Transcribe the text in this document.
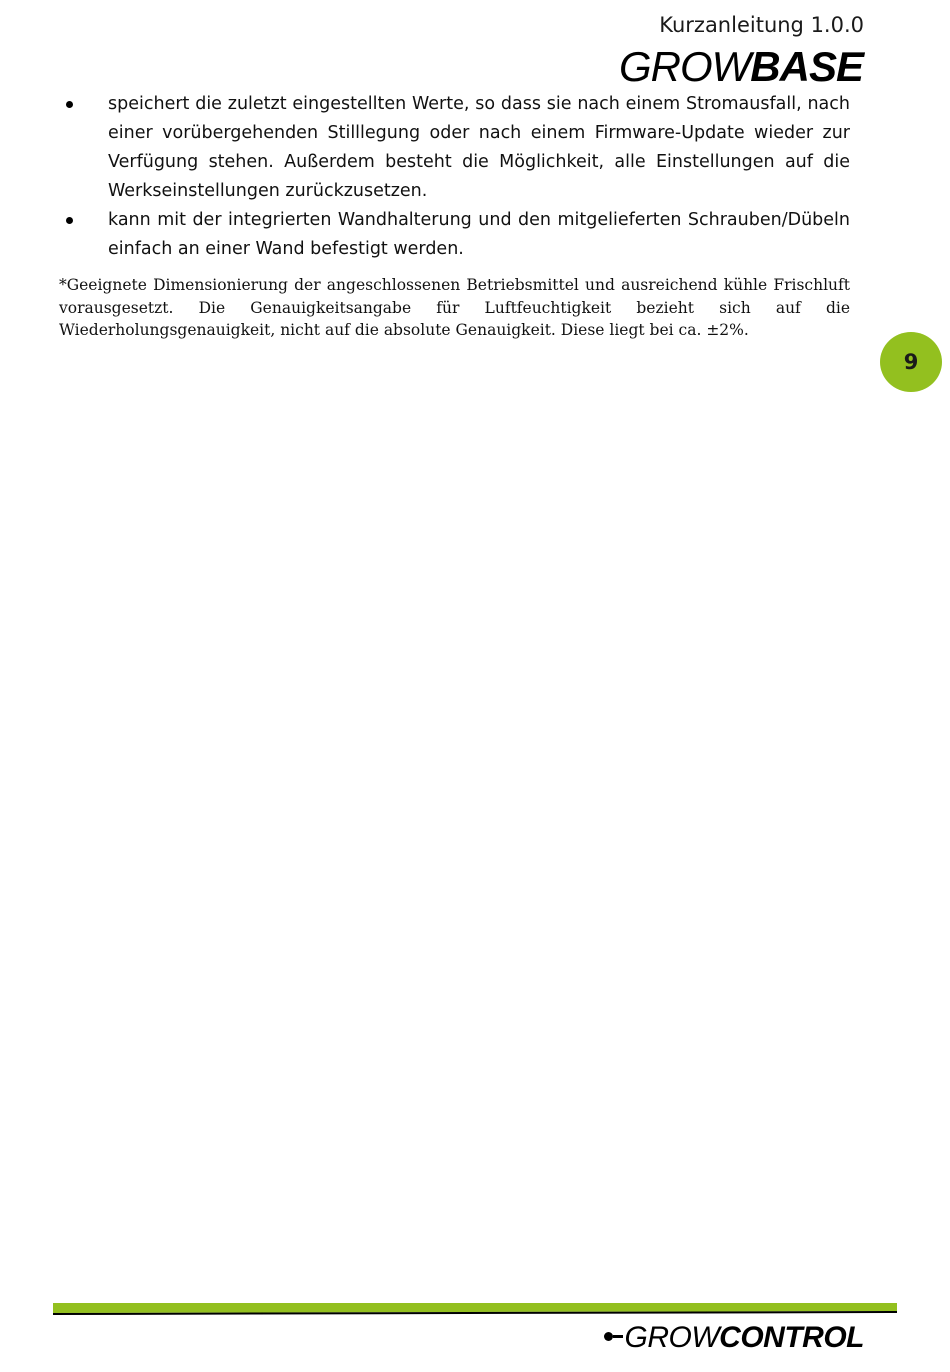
Kurzanleitung 1.0.0
GROWBASE
speichert die zuletzt eingestellten Werte, so dass sie nach einem Stromausfall, nach einer vorübergehenden Stilllegung oder nach einem Firmware-Update wieder zur Verfügung stehen. Außerdem besteht die Möglichkeit, alle Einstellungen auf die Werkseinstellungen zurückzusetzen.
kann mit der integrierten Wandhalterung und den mitgelieferten Schrauben/Dübeln einfach an einer Wand befestigt werden.

*Geeignete Dimensionierung der angeschlossenen Betriebsmittel und ausreichend kühle Frischluft vorausgesetzt. Die Genauigkeitsangabe für Luftfeuchtigkeit bezieht sich auf die Wiederholungsgenauigkeit, nicht auf die absolute Genauigkeit. Diese liegt bei ca. ±2%.

9
GROWCONTROL
